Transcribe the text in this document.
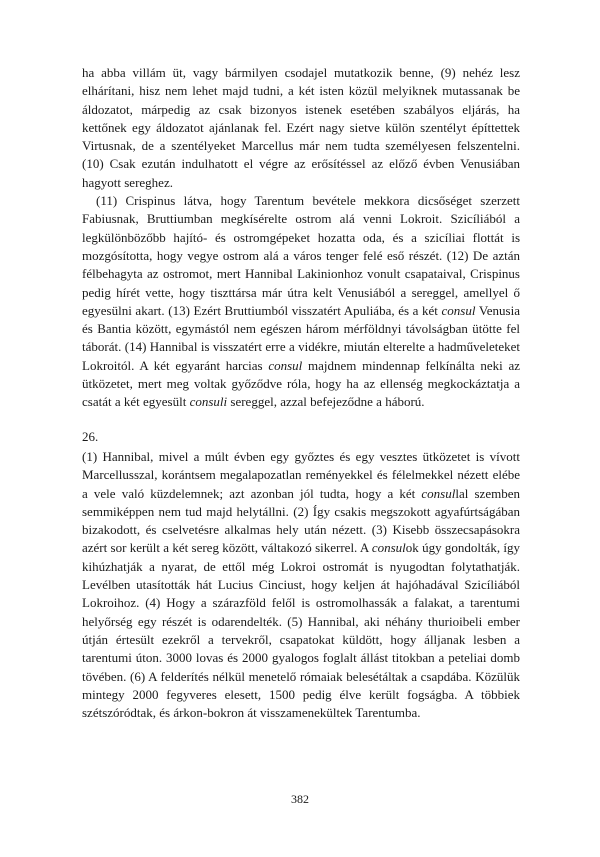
ha abba villám üt, vagy bármilyen csodajel mutatkozik benne, (9) nehéz lesz elhárítani, hisz nem lehet majd tudni, a két isten közül melyiknek mutassanak be áldozatot, márpedig az csak bizonyos istenek esetében szabályos eljárás, ha kettőnek egy áldozatot ajánlanak fel. Ezért nagy sietve külön szentélyt építtettek Virtusnak, de a szentélyeket Marcellus már nem tudta személyesen felszentelni. (10) Csak ezután indulhatott el végre az erősítéssel az előző évben Venusiában hagyott sereghez.

(11) Crispinus látva, hogy Tarentum bevétele mekkora dicsőséget szerzett Fabiusnak, Bruttiumban megkísérelte ostrom alá venni Lokroit. Szicíliából a legkülönbözőbb hajító- és ostromgépeket hozatta oda, és a szicíliai flottát is mozgósította, hogy vegye ostrom alá a város tenger felé eső részét. (12) De aztán félbehagyta az ostromot, mert Hannibal Lakinionhoz vonult csapataival, Crispinus pedig hírét vette, hogy tiszttársa már útra kelt Venusiából a sereggel, amellyel ő egyesülni akart. (13) Ezért Bruttiumból visszatért Apuliába, és a két consul Venusia és Bantia között, egymástól nem egészen három mérföldnyi távolságban ütötte fel táborát. (14) Hannibal is visszatért erre a vidékre, miután elterelte a hadműveleteket Lokroitól. A két egyaránt harcias consul majdnem mindennap felkínálta neki az ütközetet, mert meg voltak győződve róla, hogy ha az ellenség megkockáztatja a csatát a két egyesült consuli sereggel, azzal befejeződne a háború.

26.

(1) Hannibal, mivel a múlt évben egy győztes és egy vesztes ütközetet is vívott Marcellusszal, korántsem megalapozatlan reményekkel és félelmekkel nézett elébe a vele való küzdelemnek; azt azonban jól tudta, hogy a két consullal szemben semmiképpen nem tud majd helytállni. (2) Így csakis megszokott agyafúrtságában bizakodott, és cselvetésre alkalmas hely után nézett. (3) Kisebb összecsapásokra azért sor került a két sereg között, váltakozó sikerrel. A consulok úgy gondolták, így kihúzhatják a nyarat, de ettől még Lokroi ostromát is nyugodtan folytathatják. Levélben utasították hát Lucius Cinciust, hogy keljen át hajóhadával Szicíliából Lokroihoz. (4) Hogy a szárazföld felől is ostromolhassák a falakat, a tarentumi helyőrség egy részét is odarendelték. (5) Hannibal, aki néhány thurioibeli ember útján értesült ezekről a tervekről, csapatokat küldött, hogy álljanak lesben a tarentumi úton. 3000 lovas és 2000 gyalogos foglalt állást titokban a peteliai domb tövében. (6) A felderítés nélkül menetelő rómaiak belesétáltak a csapdába. Közülük mintegy 2000 fegyveres elesett, 1500 pedig élve került fogságba. A többiek szétszóródtak, és árkon-bokron át visszamenekültek Tarentumba.

382
